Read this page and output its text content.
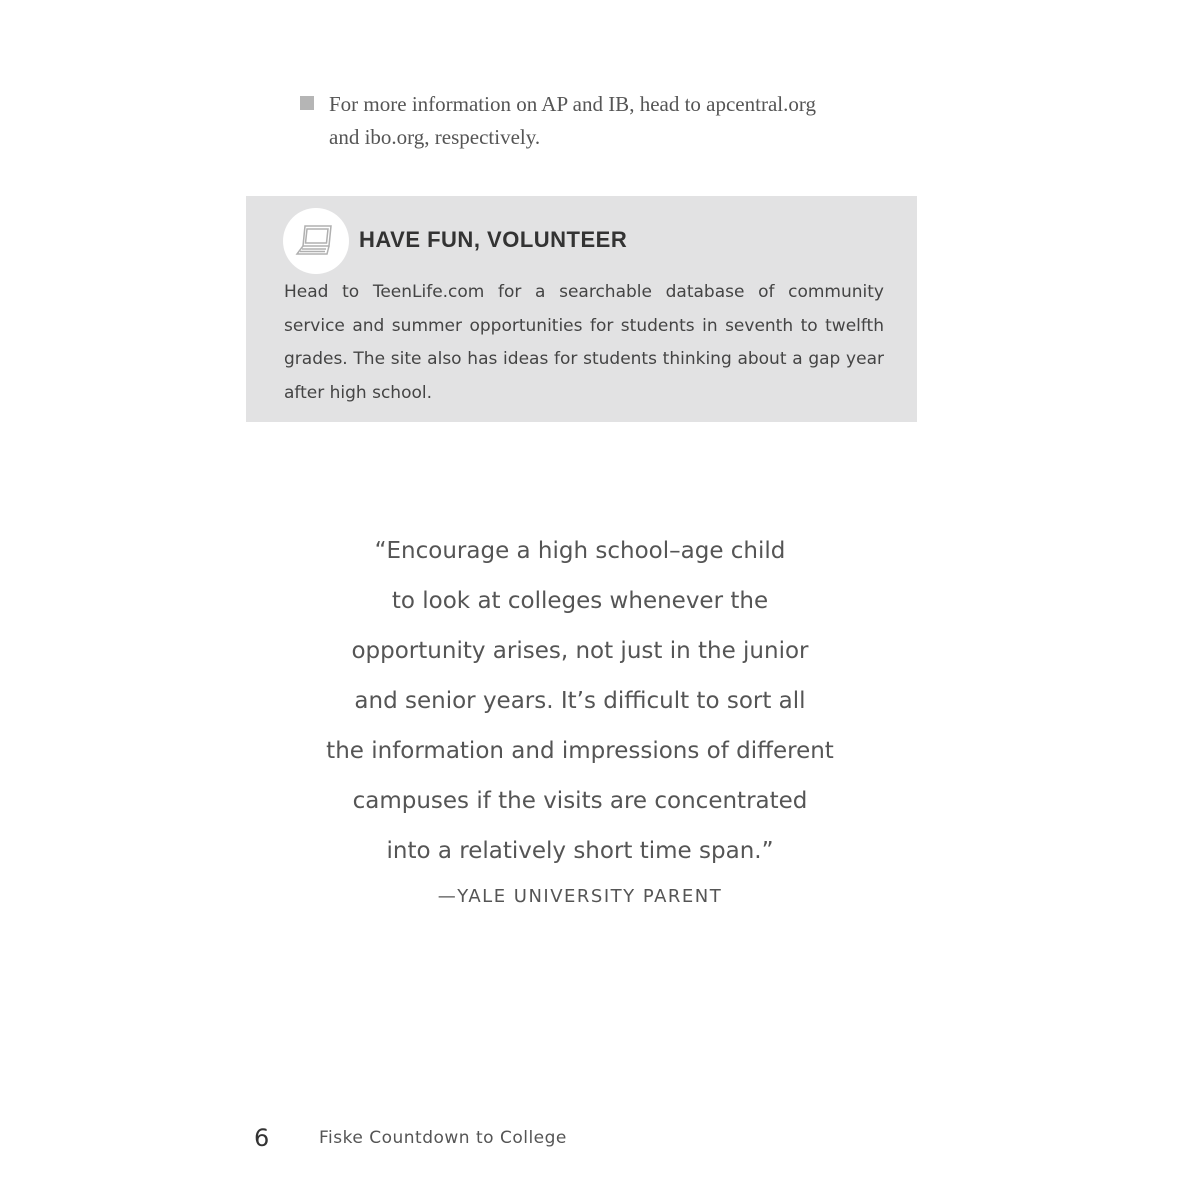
For more information on AP and IB, head to apcentral.org
and ibo.org, respectively.
HAVE FUN, VOLUNTEER
Head to TeenLife.com for a searchable database of community service and summer opportunities for students in seventh to twelfth grades. The site also has ideas for students thinking about a gap year after high school.
“Encourage a high school–age child
to look at colleges whenever the
opportunity arises, not just in the junior
and senior years. It’s difficult to sort all
the information and impressions of different
campuses if the visits are concentrated
into a relatively short time span.”
—YALE UNIVERSITY PARENT
6	Fiske Countdown to College
